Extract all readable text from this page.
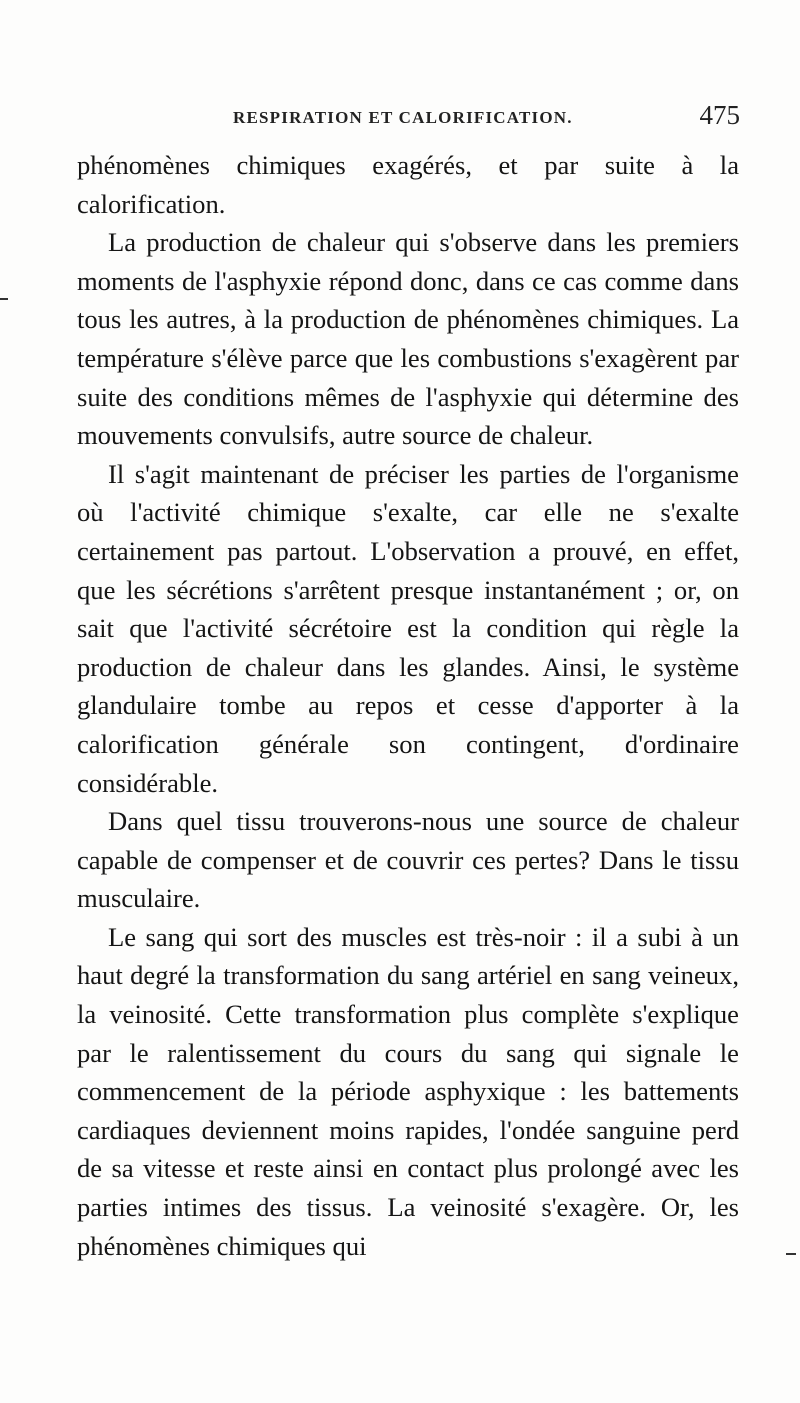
RESPIRATION ET CALORIFICATION.	475

phénomènes chimiques exagérés, et par suite à la calorification.

La production de chaleur qui s'observe dans les premiers moments de l'asphyxie répond donc, dans ce cas comme dans tous les autres, à la production de phénomènes chimiques. La température s'élève parce que les combustions s'exagèrent par suite des conditions mêmes de l'asphyxie qui détermine des mouvements convulsifs, autre source de chaleur.

Il s'agit maintenant de préciser les parties de l'organisme où l'activité chimique s'exalte, car elle ne s'exalte certainement pas partout. L'observation a prouvé, en effet, que les sécrétions s'arrêtent presque instantanément ; or, on sait que l'activité sécrétoire est la condition qui règle la production de chaleur dans les glandes. Ainsi, le système glandulaire tombe au repos et cesse d'apporter à la calorification générale son contingent, d'ordinaire considérable.

Dans quel tissu trouverons-nous une source de chaleur capable de compenser et de couvrir ces pertes? Dans le tissu musculaire.

Le sang qui sort des muscles est très-noir : il a subi à un haut degré la transformation du sang artériel en sang veineux, la veinosité. Cette transformation plus complète s'explique par le ralentissement du cours du sang qui signale le commencement de la période asphyxique : les battements cardiaques deviennent moins rapides, l'ondée sanguine perd de sa vitesse et reste ainsi en contact plus prolongé avec les parties intimes des tissus. La veinosité s'exagère. Or, les phénomènes chimiques qui
